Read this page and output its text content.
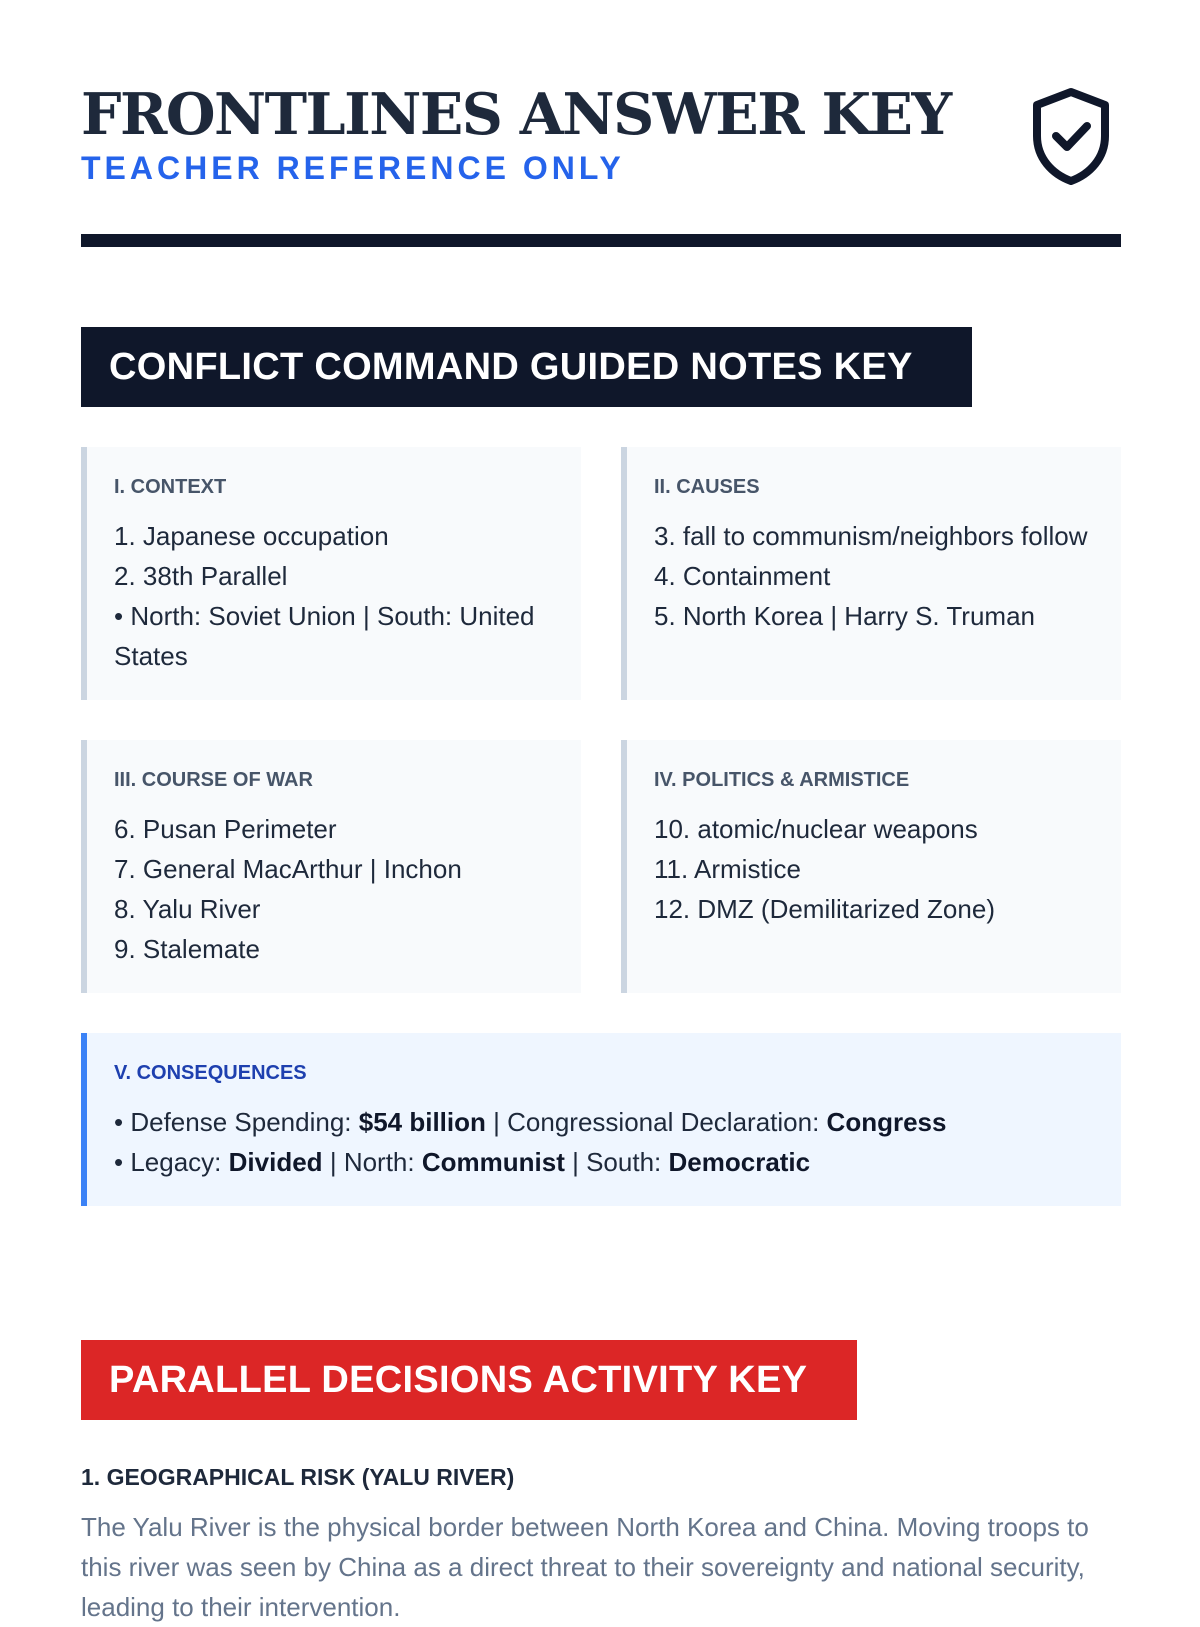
FRONTLINES ANSWER KEY
TEACHER REFERENCE ONLY
CONFLICT COMMAND GUIDED NOTES KEY
I. CONTEXT
1. Japanese occupation
2. 38th Parallel
• North: Soviet Union | South: United States
II. CAUSES
3. fall to communism/neighbors follow
4. Containment
5. North Korea | Harry S. Truman
III. COURSE OF WAR
6. Pusan Perimeter
7. General MacArthur | Inchon
8. Yalu River
9. Stalemate
IV. POLITICS & ARMISTICE
10. atomic/nuclear weapons
11. Armistice
12. DMZ (Demilitarized Zone)
V. CONSEQUENCES
• Defense Spending: $54 billion | Congressional Declaration: Congress
• Legacy: Divided | North: Communist | South: Democratic
PARALLEL DECISIONS ACTIVITY KEY
1. GEOGRAPHICAL RISK (YALU RIVER)

The Yalu River is the physical border between North Korea and China. Moving troops to this river was seen by China as a direct threat to their sovereignty and national security, leading to their intervention.
